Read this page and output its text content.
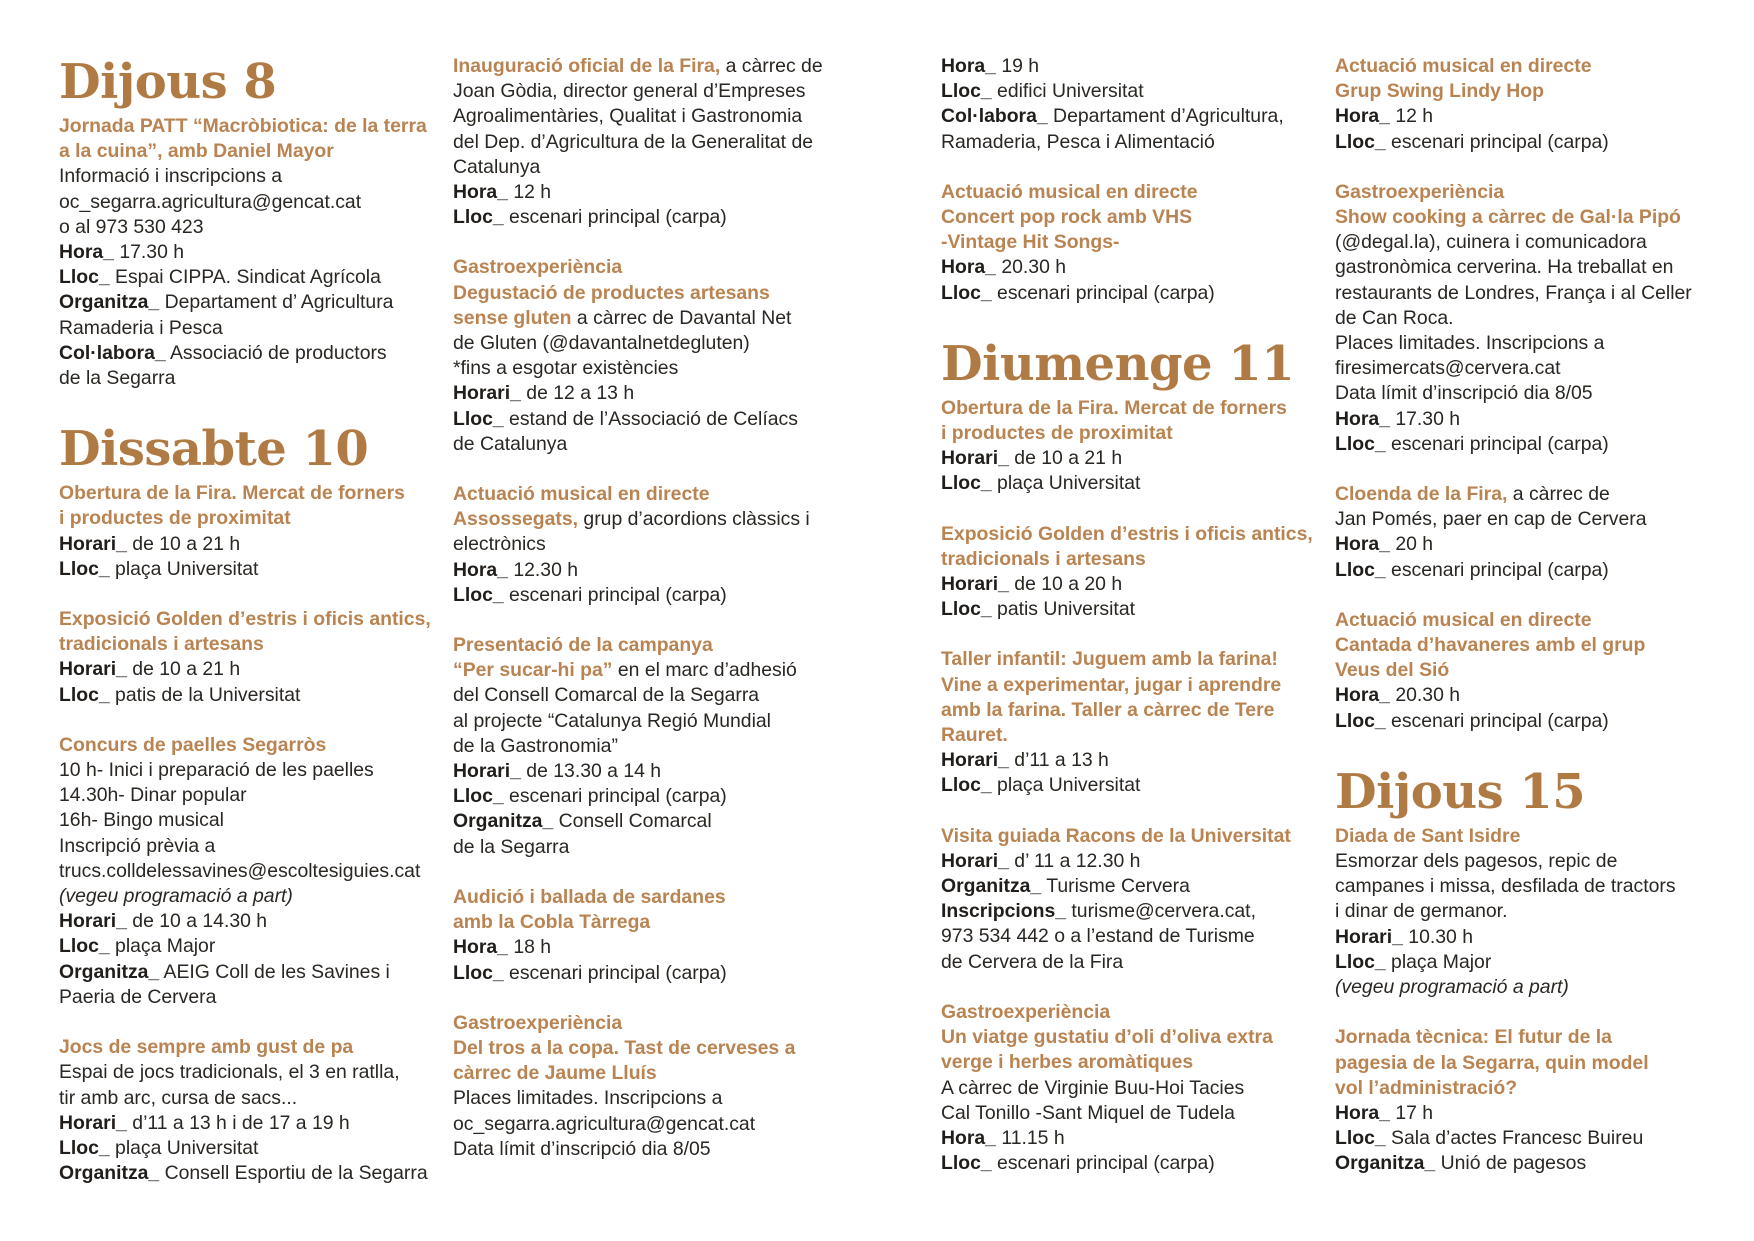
Dijous 8
Jornada PATT “Macròbiotica: de la terra
a la cuina”, amb Daniel Mayor
Informació i inscripcions a
oc_segarra.agricultura@gencat.cat
o al 973 530 423
Hora_ 17.30 h
Lloc_ Espai CIPPA. Sindicat Agrícola
Organitza_ Departament d’ Agricultura
Ramaderia i Pesca
Col·labora_ Associació de productors
de la Segarra
Dissabte 10
Obertura de la Fira. Mercat de forners
i productes de proximitat
Horari_ de 10 a 21 h
Lloc_ plaça Universitat
Exposició Golden d’estris i oficis antics,
tradicionals i artesans
Horari_ de 10 a 21 h
Lloc_ patis de la Universitat
Concurs de paelles Segarròs
10 h- Inici i preparació de les paelles
14.30h- Dinar popular
16h- Bingo musical
Inscripció prèvia a
trucs.colldelessavines@escoltesiguies.cat
(vegeu programació a part)
Horari_ de 10 a 14.30 h
Lloc_ plaça Major
Organitza_ AEIG Coll de les Savines i
Paeria de Cervera
Jocs de sempre amb gust de pa
Espai de jocs tradicionals, el 3 en ratlla,
tir amb arc, cursa de sacs...
Horari_ d’11 a 13 h i de 17 a 19 h
Lloc_ plaça Universitat
Organitza_ Consell Esportiu de la Segarra
Inauguració oficial de la Fira, a càrrec de
Joan Gòdia, director general d’Empreses
Agroalimentàries, Qualitat i Gastronomia
del Dep. d’Agricultura de la Generalitat de
Catalunya
Hora_ 12 h
Lloc_ escenari principal (carpa)
Gastroexperiència
Degustació de productes artesans
sense gluten a càrrec de Davantal Net
de Gluten (@davantalnetdegluten)
*fins a esgotar existències
Horari_ de 12 a 13 h
Lloc_ estand de l’Associació de Celíacs
de Catalunya
Actuació musical en directe
Assossegats, grup d’acordions clàssics i
electrònics
Hora_ 12.30 h
Lloc_ escenari principal (carpa)
Presentació de la campanya
“Per sucar-hi pa” en el marc d’adhesió
del Consell Comarcal de la Segarra
al projecte “Catalunya Regió Mundial
de la Gastronomia”
Horari_ de 13.30 a 14 h
Lloc_ escenari principal (carpa)
Organitza_ Consell Comarcal
de la Segarra
Audició i ballada de sardanes
amb la Cobla Tàrrega
Hora_ 18 h
Lloc_ escenari principal (carpa)
Gastroexperiència
Del tros a la copa. Tast de cerveses a
càrrec de Jaume Lluís
Places limitades. Inscripcions a
oc_segarra.agricultura@gencat.cat
Data límit d’inscripció dia 8/05
Hora_ 19 h
Lloc_ edifici Universitat
Col·labora_ Departament d’Agricultura,
Ramaderia, Pesca i Alimentació
Actuació musical en directe
Concert pop rock amb VHS
-Vintage Hit Songs-
Hora_ 20.30 h
Lloc_ escenari principal (carpa)
Diumenge 11
Obertura de la Fira. Mercat de forners
i productes de proximitat
Horari_ de 10 a 21 h
Lloc_ plaça Universitat
Exposició Golden d’estris i oficis antics,
tradicionals i artesans
Horari_ de 10 a 20 h
Lloc_ patis Universitat
Taller infantil: Juguem amb la farina!
Vine a experimentar, jugar i aprendre
amb la farina. Taller a càrrec de Tere
Rauret.
Horari_ d’11 a 13 h
Lloc_ plaça Universitat
Visita guiada Racons de la Universitat
Horari_ d’ 11 a 12.30 h
Organitza_ Turisme Cervera
Inscripcions_ turisme@cervera.cat,
973 534 442 o a l’estand de Turisme
de Cervera de la Fira
Gastroexperiència
Un viatge gustatiu d’oli d’oliva extra
verge i herbes aromàtiques
A càrrec de Virginie Buu-Hoi Tacies
Cal Tonillo -Sant Miquel de Tudela
Hora_ 11.15 h
Lloc_ escenari principal (carpa)
Actuació musical en directe
Grup Swing Lindy Hop
Hora_ 12 h
Lloc_ escenari principal (carpa)
Gastroexperiència
Show cooking a càrrec de Gal·la Pipó
(@degal.la), cuinera i comunicadora
gastronòmica cerverina. Ha treballat en
restaurants de Londres, França i al Celler
de Can Roca.
Places limitades. Inscripcions a
firesimercats@cervera.cat
Data límit d’inscripció dia 8/05
Hora_ 17.30 h
Lloc_ escenari principal (carpa)
Cloenda de la Fira, a càrrec de
Jan Pomés, paer en cap de Cervera
Hora_ 20 h
Lloc_ escenari principal (carpa)
Actuació musical en directe
Cantada d’havaneres amb el grup
Veus del Sió
Hora_ 20.30 h
Lloc_ escenari principal (carpa)
Dijous 15
Diada de Sant Isidre
Esmorzar dels pagesos, repic de
campanes i missa, desfilada de tractors
i dinar de germanor.
Horari_ 10.30 h
Lloc_ plaça Major
(vegeu programació a part)
Jornada tècnica: El futur de la
pagesia de la Segarra, quin model
vol l’administració?
Hora_ 17 h
Lloc_ Sala d’actes Francesc Buireu
Organitza_ Unió de pagesos
